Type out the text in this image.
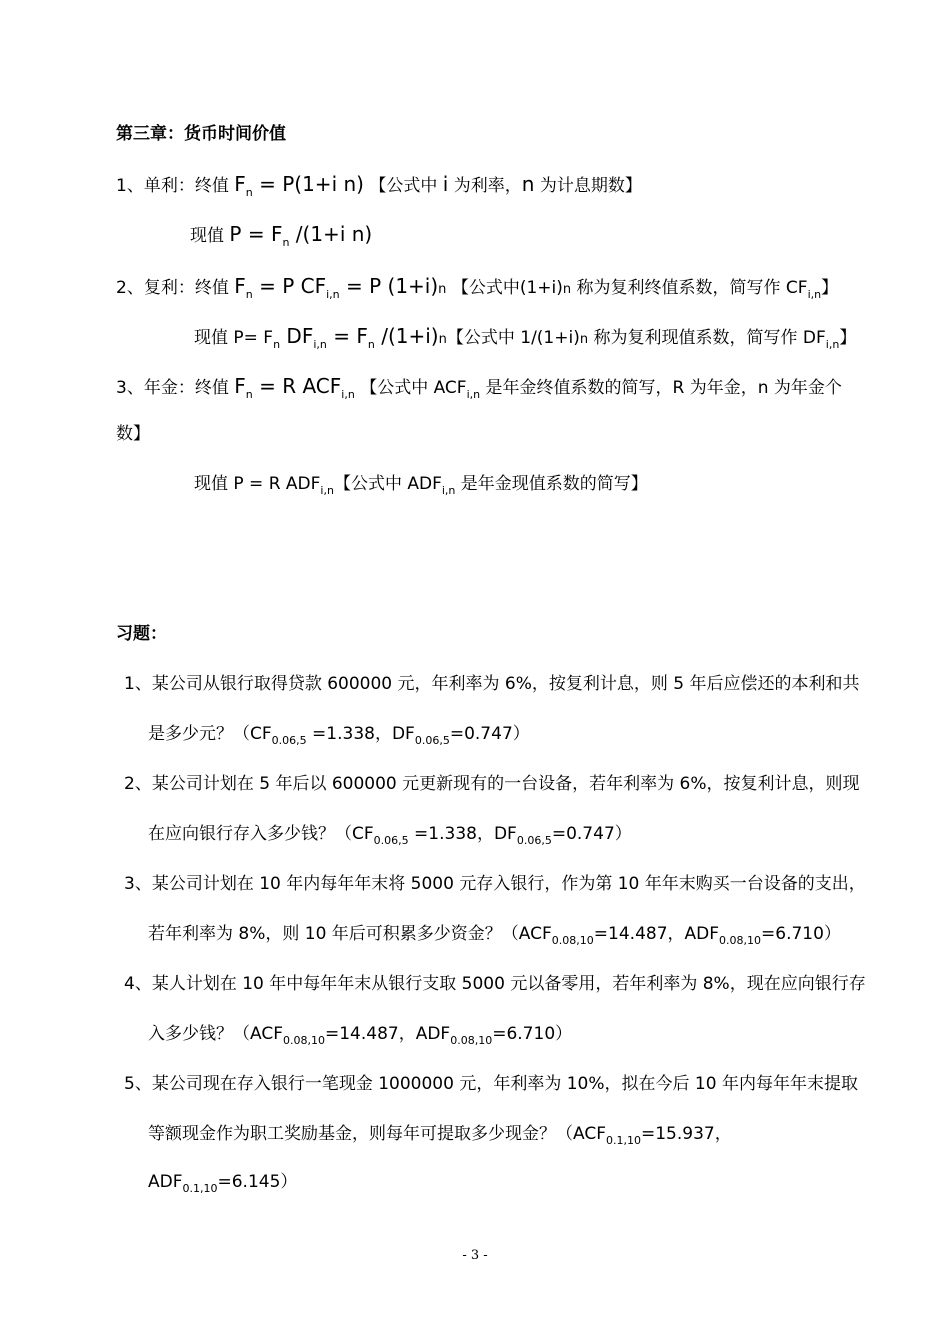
第三章：货币时间价值
1、单利：终值 $F_n = P(1+i$ n) 【公式中 i 为利率，n 为计息期数】
现值 $P = F_n$ /(1+i n)
2、复利：终值 $F_n = P$ $CF_{i,n} = P$ (1+i)n 【公式中(1+i)n 称为复利终值系数，简写作 $CF_{i,n}$】
现值 $P= F_n$ $DF_{i,n} = F_n$ /(1+i)n【公式中 1/(1+i)n 称为复利现值系数，简写作 $DF_{i,n}$】
3、年金：终值 $F_n = R$ $ACF_{i,n}$ 【公式中 $ACF_{i,n}$ 是年金终值系数的简写，R 为年金，n 为年金个
数】
现值 P = R $ADF_{i,n}$【公式中 $ADF_{i,n}$ 是年金现值系数的简写】
习题：
1、某公司从银行取得贷款 600000 元，年利率为 6%，按复利计息，则 5 年后应偿还的本利和共
是多少元？（$CF_{0.06,5} =1.338$，$DF_{0.06,5}=0.747$）
2、某公司计划在 5 年后以 600000 元更新现有的一台设备，若年利率为 6%，按复利计息，则现
在应向银行存入多少钱？（$CF_{0.06,5} =1.338$，$DF_{0.06,5}=0.747$）
3、某公司计划在 10 年内每年年末将 5000 元存入银行，作为第 10 年年末购买一台设备的支出，
若年利率为 8%，则 10 年后可积累多少资金？（$ACF_{0.08,10}=14.487$，$ADF_{0.08,10}=6.710$）
4、某人计划在 10 年中每年年末从银行支取 5000 元以备零用，若年利率为 8%，现在应向银行存
入多少钱？（$ACF_{0.08,10}=14.487$，$ADF_{0.08,10}=6.710$）
5、某公司现在存入银行一笔现金 1000000 元，年利率为 10%，拟在今后 10 年内每年年末提取
等额现金作为职工奖励基金，则每年可提取多少现金？（$ACF_{0.1,10}=15.937$，
$ADF_{0.1,10}=6.145$）
- 3 -
